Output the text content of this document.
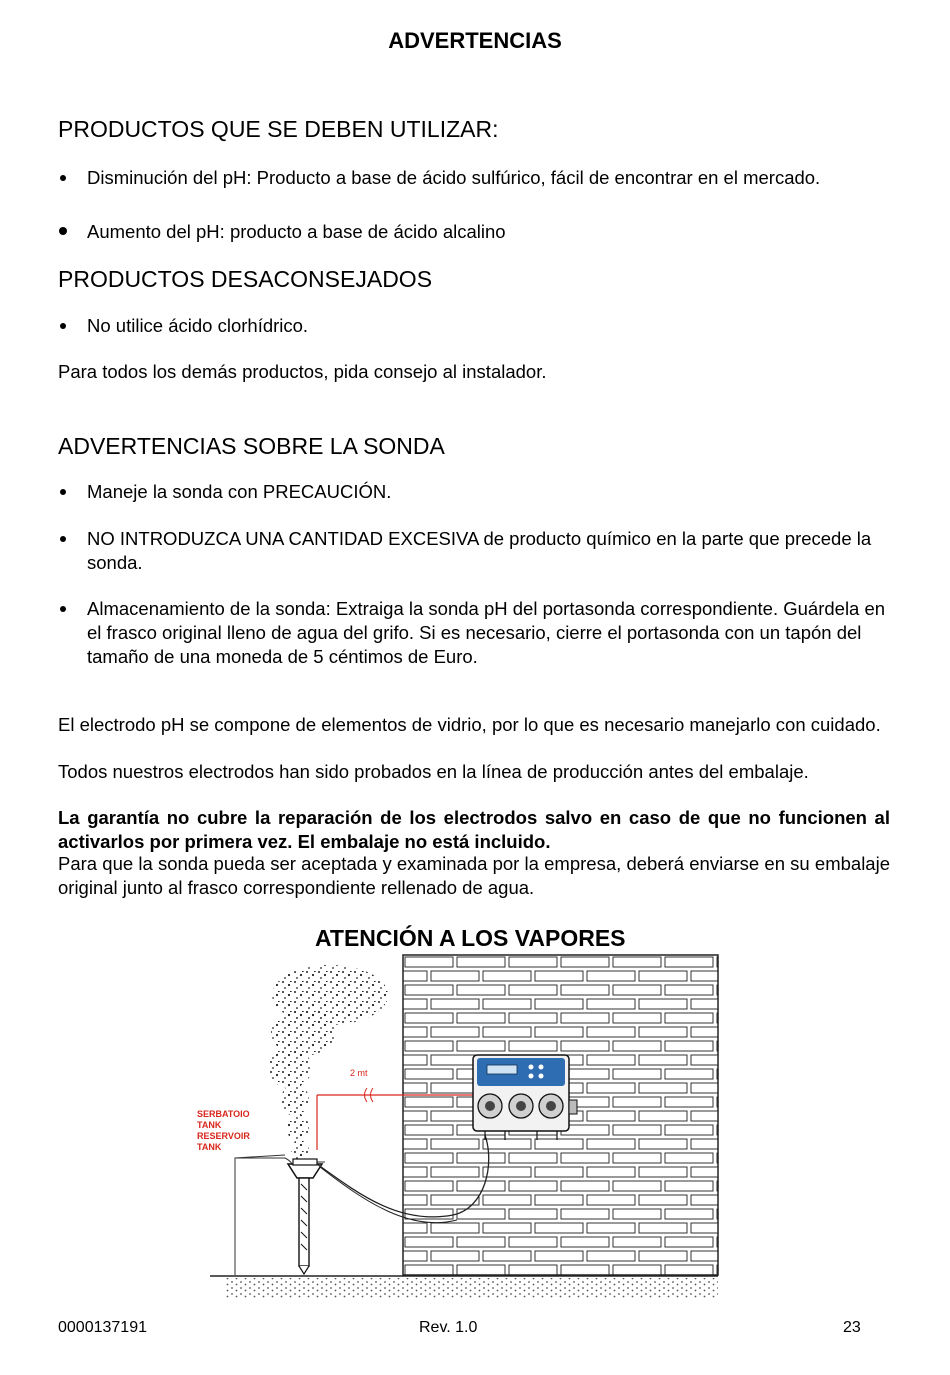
ADVERTENCIAS
PRODUCTOS QUE SE DEBEN UTILIZAR:
Disminución del pH: Producto a base de ácido sulfúrico, fácil de encontrar en el mercado.
Aumento del pH: producto a base de ácido alcalino
PRODUCTOS DESACONSEJADOS
No utilice ácido clorhídrico.

Para todos los demás productos, pida consejo al instalador.

ADVERTENCIAS SOBRE LA SONDA
Maneje la sonda con PRECAUCIÓN.
NO INTRODUZCA UNA CANTIDAD EXCESIVA de producto químico en la parte que precede la sonda.
Almacenamiento de la sonda: Extraiga la sonda pH del portasonda correspondiente. Guárdela en el frasco original lleno de agua del grifo. Si es necesario, cierre el portasonda con un tapón del tamaño de una moneda de 5 céntimos de Euro.

El electrodo pH se compone de elementos de vidrio, por lo que es necesario manejarlo con cuidado.

Todos nuestros electrodos han sido probados en la línea de producción antes del embalaje.

La garantía no cubre la reparación de los electrodos salvo en caso de que no funcionen al activarlos por primera vez. El embalaje no está incluido.

Para que la sonda pueda ser aceptada y examinada por la empresa, deberá enviarse en su embalaje original junto al frasco correspondiente rellenado de agua.

ATENCIÓN A LOS VAPORES
2 mt
SERBATOIO
TANK
RESERVOIR
TANK
0000137191	Rev. 1.0	23
